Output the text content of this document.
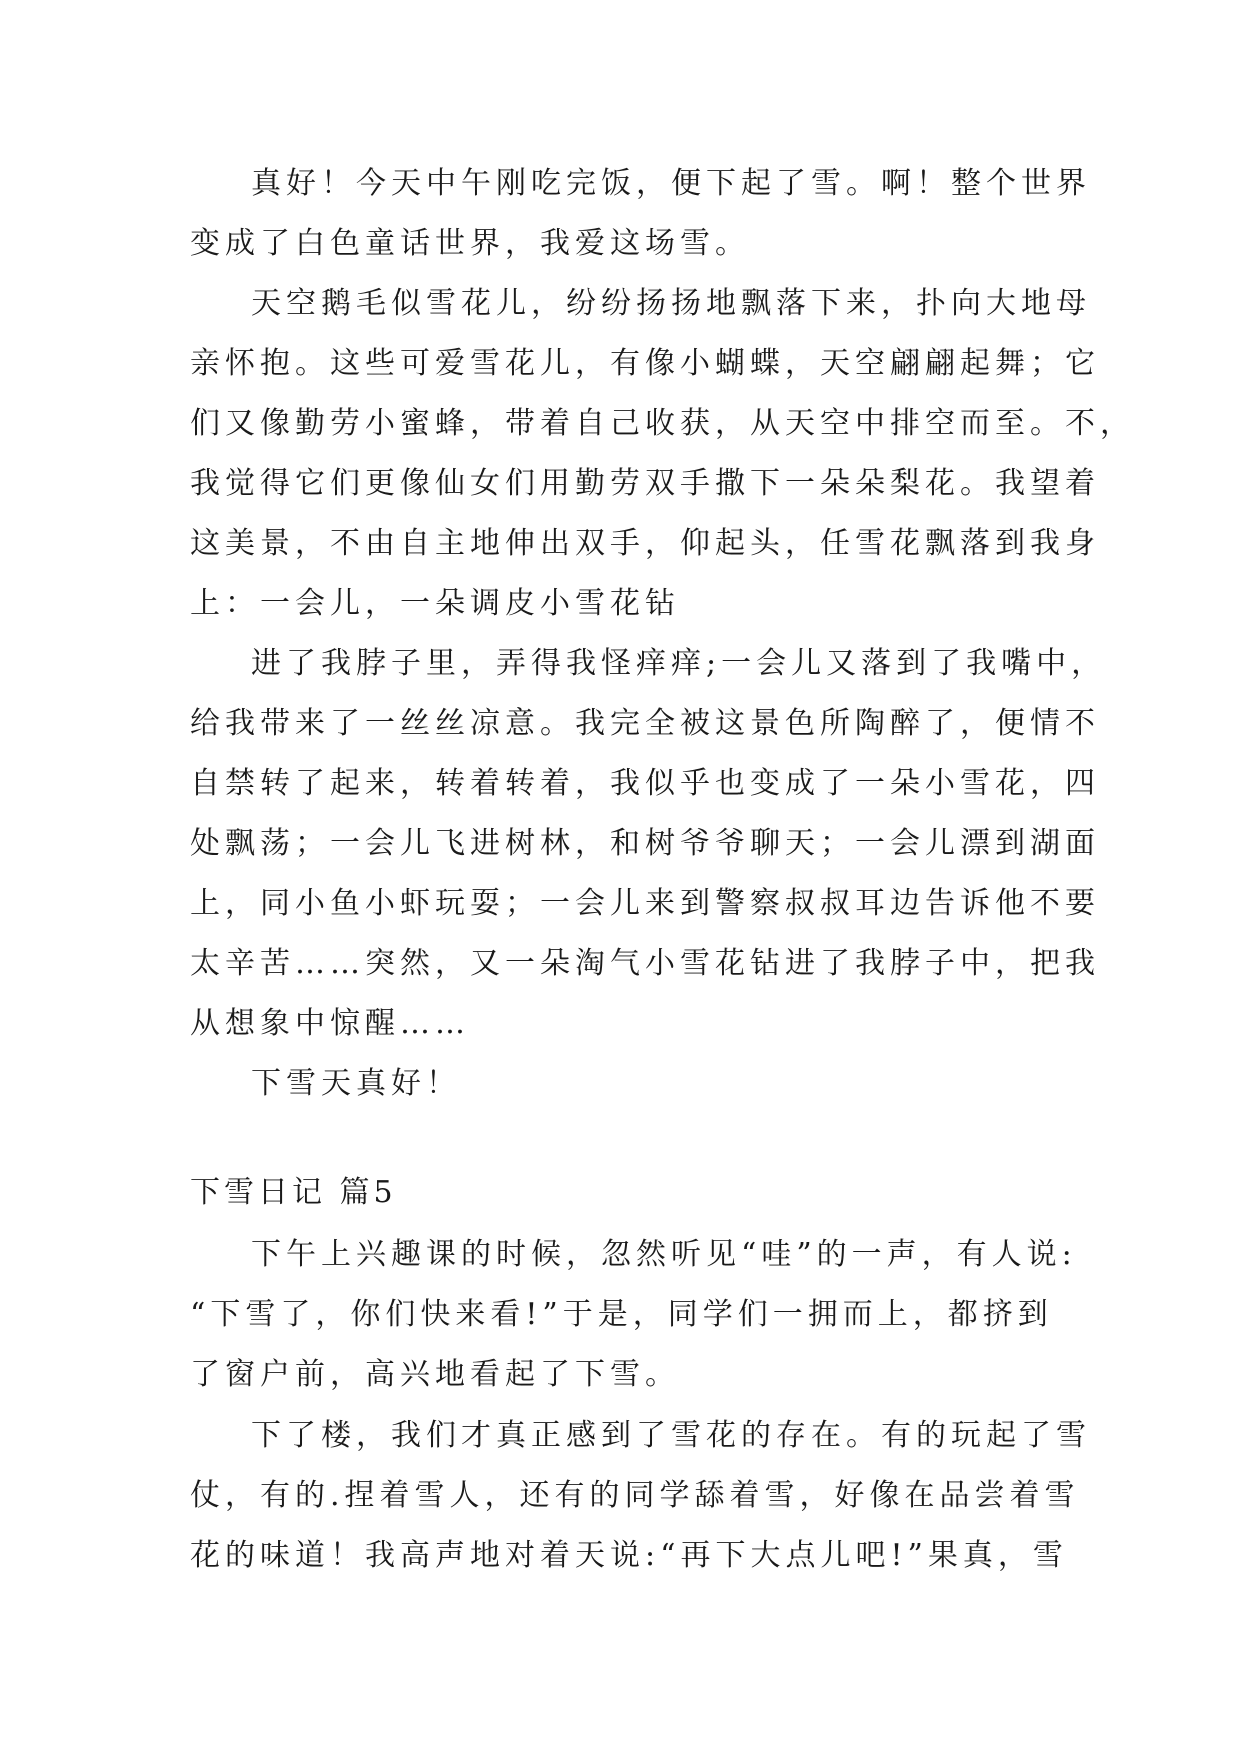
真好！今天中午刚吃完饭，便下起了雪。啊！整个世界

变成了白色童话世界，我爱这场雪。

天空鹅毛似雪花儿，纷纷扬扬地飘落下来，扑向大地母

亲怀抱。这些可爱雪花儿，有像小蝴蝶，天空翩翩起舞；它

们又像勤劳小蜜蜂，带着自己收获，从天空中排空而至。不，

我觉得它们更像仙女们用勤劳双手撒下一朵朵梨花。我望着

这美景，不由自主地伸出双手，仰起头，任雪花飘落到我身

上：一会儿，一朵调皮小雪花钻

进了我脖子里，弄得我怪痒痒;一会儿又落到了我嘴中，

给我带来了一丝丝凉意。我完全被这景色所陶醉了，便情不

自禁转了起来，转着转着，我似乎也变成了一朵小雪花，四

处飘荡；一会儿飞进树林，和树爷爷聊天；一会儿漂到湖面

上，同小鱼小虾玩耍；一会儿来到警察叔叔耳边告诉他不要

太辛苦……突然，又一朵淘气小雪花钻进了我脖子中，把我

从想象中惊醒……

下雪天真好！

下雪日记 篇5

下午上兴趣课的时候，忽然听见“哇”的一声，有人说:

“下雪了，你们快来看!”于是，同学们一拥而上，都挤到

了窗户前，高兴地看起了下雪。

下了楼，我们才真正感到了雪花的存在。有的玩起了雪

仗，有的.捏着雪人，还有的同学舔着雪，好像在品尝着雪

花的味道！我高声地对着天说:“再下大点儿吧!”果真，雪
